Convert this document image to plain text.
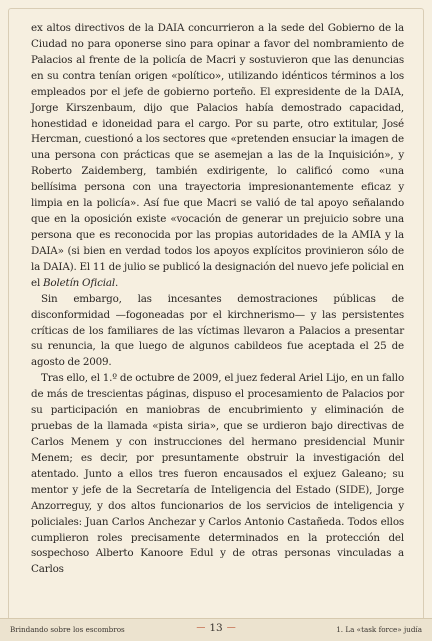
ex altos directivos de la DAIA concurrieron a la sede del Gobierno de la Ciudad no para oponerse sino para opinar a favor del nombramiento de Palacios al frente de la policía de Macri y sostuvieron que las denuncias en su contra tenían origen «político», utilizando idénticos términos a los empleados por el jefe de gobierno porteño. El expresidente de la DAIA, Jorge Kirszenbaum, dijo que Palacios había demostrado capacidad, honestidad e idoneidad para el cargo. Por su parte, otro extitular, José Hercman, cuestionó a los sectores que «pretenden ensuciar la imagen de una persona con prácticas que se asemejan a las de la Inquisición», y Roberto Zaidemberg, también exdirigente, lo calificó como «una bellísima persona con una trayectoria impresionantemente eficaz y limpia en la policía». Así fue que Macri se valió de tal apoyo señalando que en la oposición existe «vocación de generar un prejuicio sobre una persona que es reconocida por las propias autoridades de la AMIA y la DAIA» (si bien en verdad todos los apoyos explícitos provinieron sólo de la DAIA). El 11 de julio se publicó la designación del nuevo jefe policial en el Boletín Oficial.

Sin embargo, las incesantes demostraciones públicas de disconformidad —fogoneadas por el kirchnerismo— y las persistentes críticas de los familiares de las víctimas llevaron a Palacios a presentar su renuncia, la que luego de algunos cabildeos fue aceptada el 25 de agosto de 2009.

Tras ello, el 1.º de octubre de 2009, el juez federal Ariel Lijo, en un fallo de más de trescientas páginas, dispuso el procesamiento de Palacios por su participación en maniobras de encubrimiento y eliminación de pruebas de la llamada «pista siria», que se urdieron bajo directivas de Carlos Menem y con instrucciones del hermano presidencial Munir Menem; es decir, por presuntamente obstruir la investigación del atentado. Junto a ellos tres fueron encausados el exjuez Galeano; su mentor y jefe de la Secretaría de Inteligencia del Estado (SIDE), Jorge Anzorreguy, y dos altos funcionarios de los servicios de inteligencia y policiales: Juan Carlos Anchezar y Carlos Antonio Castañeda. Todos ellos cumplieron roles precisamente determinados en la protección del sospechoso Alberto Kanoore Edul y de otras personas vinculadas a Carlos

Brindando sobre los escombros	— 13 —	1. La «task force» judía
